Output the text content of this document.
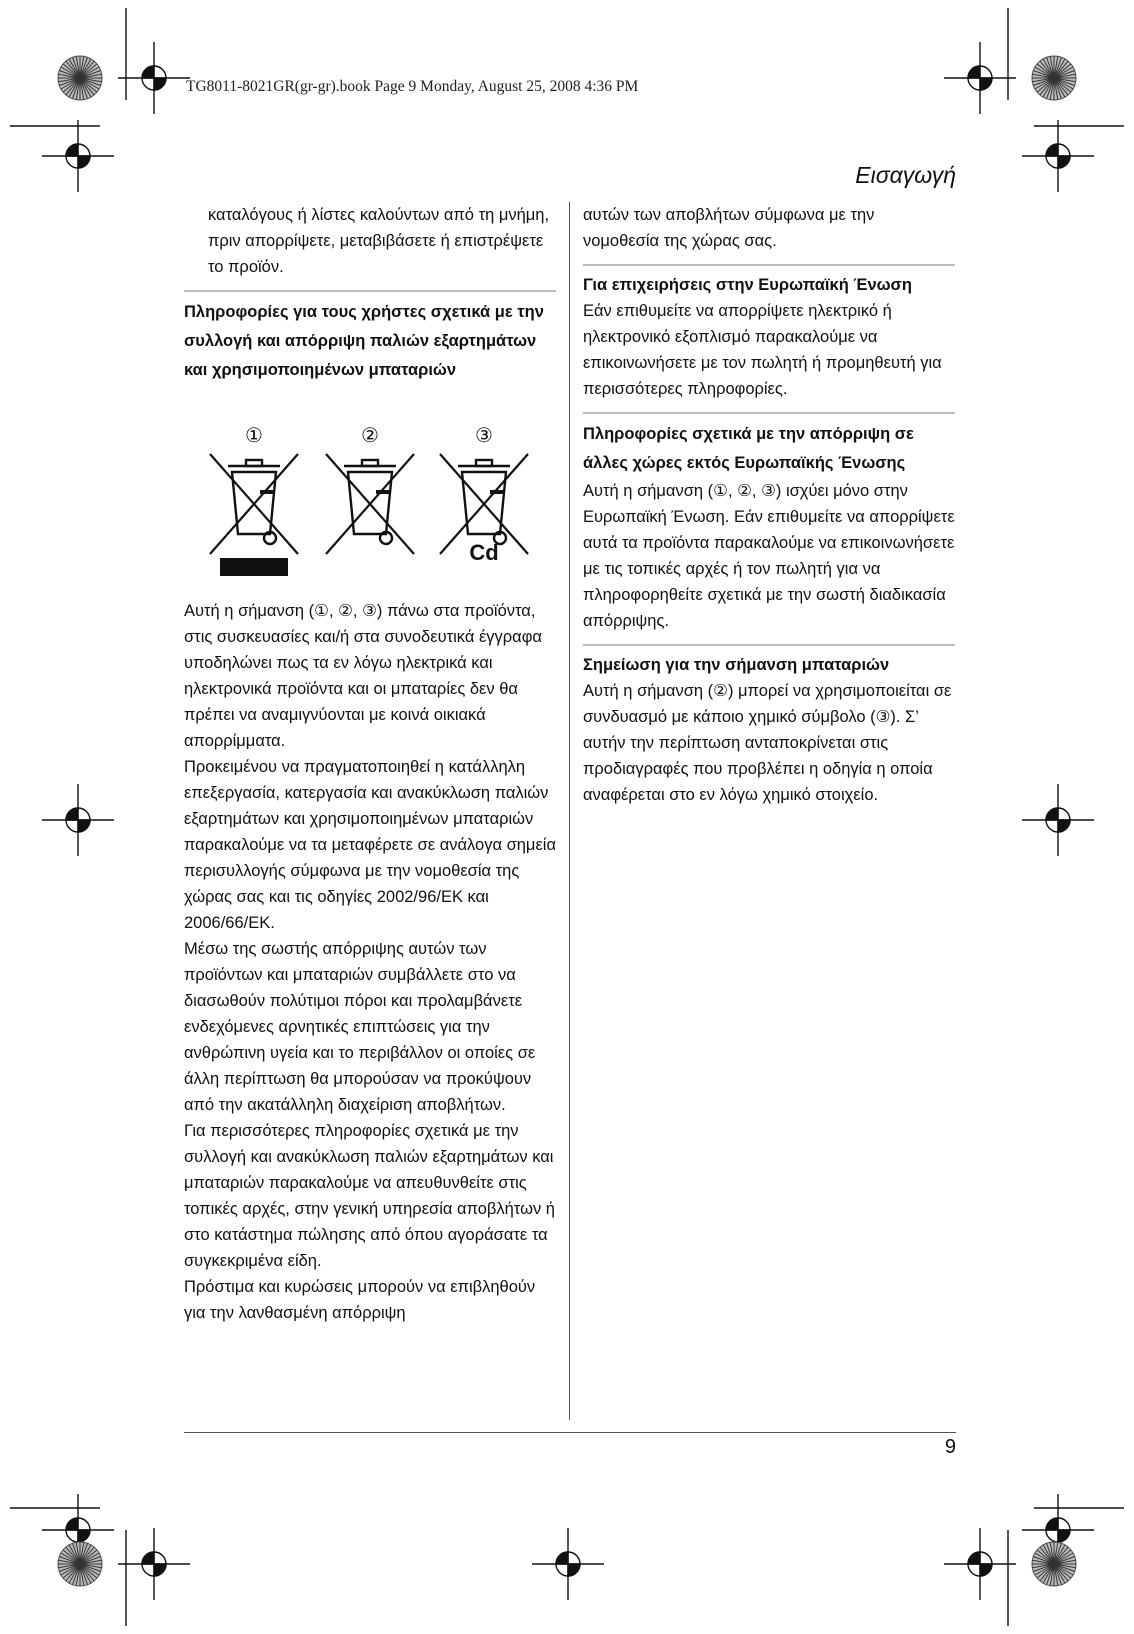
TG8011-8021GR(gr-gr).book Page 9 Monday, August 25, 2008 4:36 PM
Εισαγωγή

καταλόγους ή λίστες καλούντων από τη μνήμη, πριν απορρίψετε, μεταβιβάσετε ή επιστρέψετε το προϊόν.

Πληροφορίες για τους χρήστες σχετικά με την συλλογή και απόρριψη παλιών εξαρτημάτων και χρησιμοποιημένων μπαταριών

①	②	③
Cd

Αυτή η σήμανση (①, ②, ③) πάνω στα προϊόντα, στις συσκευασίες και/ή στα συνοδευτικά έγγραφα υποδηλώνει πως τα εν λόγω ηλεκτρικά και ηλεκτρονικά προϊόντα και οι μπαταρίες δεν θα πρέπει να αναμιγνύονται με κοινά οικιακά απορρίμματα.

Προκειμένου να πραγματοποιηθεί η κατάλληλη επεξεργασία, κατεργασία και ανακύκλωση παλιών εξαρτημάτων και χρησιμοποιημένων μπαταριών παρακαλούμε να τα μεταφέρετε σε ανάλογα σημεία περισυλλογής σύμφωνα με την νομοθεσία της χώρας σας και τις οδηγίες 2002/96/ΕΚ και 2006/66/ΕΚ.

Μέσω της σωστής απόρριψης αυτών των προϊόντων και μπαταριών συμβάλλετε στο να διασωθούν πολύτιμοι πόροι και προλαμβάνετε ενδεχόμενες αρνητικές επιπτώσεις για την ανθρώπινη υγεία και το περιβάλλον οι οποίες σε άλλη περίπτωση θα μπορούσαν να προκύψουν από την ακατάλληλη διαχείριση αποβλήτων.

Για περισσότερες πληροφορίες σχετικά με την συλλογή και ανακύκλωση παλιών εξαρτημάτων και μπαταριών παρακαλούμε να απευθυνθείτε στις τοπικές αρχές, στην γενική υπηρεσία αποβλήτων ή στο κατάστημα πώλησης από όπου αγοράσατε τα συγκεκριμένα είδη.

Πρόστιμα και κυρώσεις μπορούν να επιβληθούν για την λανθασμένη απόρριψη

αυτών των αποβλήτων σύμφωνα με την νομοθεσία της χώρας σας.

Για επιχειρήσεις στην Ευρωπαϊκή Ένωση

Εάν επιθυμείτε να απορρίψετε ηλεκτρικό ή ηλεκτρονικό εξοπλισμό παρακαλούμε να επικοινωνήσετε με τον πωλητή ή προμηθευτή για περισσότερες πληροφορίες.

Πληροφορίες σχετικά με την απόρριψη σε άλλες χώρες εκτός Ευρωπαϊκής Ένωσης

Αυτή η σήμανση (①, ②, ③) ισχύει μόνο στην Ευρωπαϊκή Ένωση. Εάν επιθυμείτε να απορρίψετε αυτά τα προϊόντα παρακαλούμε να επικοινωνήσετε με τις τοπικές αρχές ή τον πωλητή για να πληροφορηθείτε σχετικά με την σωστή διαδικασία απόρριψης.

Σημείωση για την σήμανση μπαταριών

Αυτή η σήμανση (②) μπορεί να χρησιμοποιείται σε συνδυασμό με κάποιο χημικό σύμβολο (③). Σ’ αυτήν την περίπτωση ανταποκρίνεται στις προδιαγραφές που προβλέπει η οδηγία η οποία αναφέρεται στο εν λόγω χημικό στοιχείο.

9
